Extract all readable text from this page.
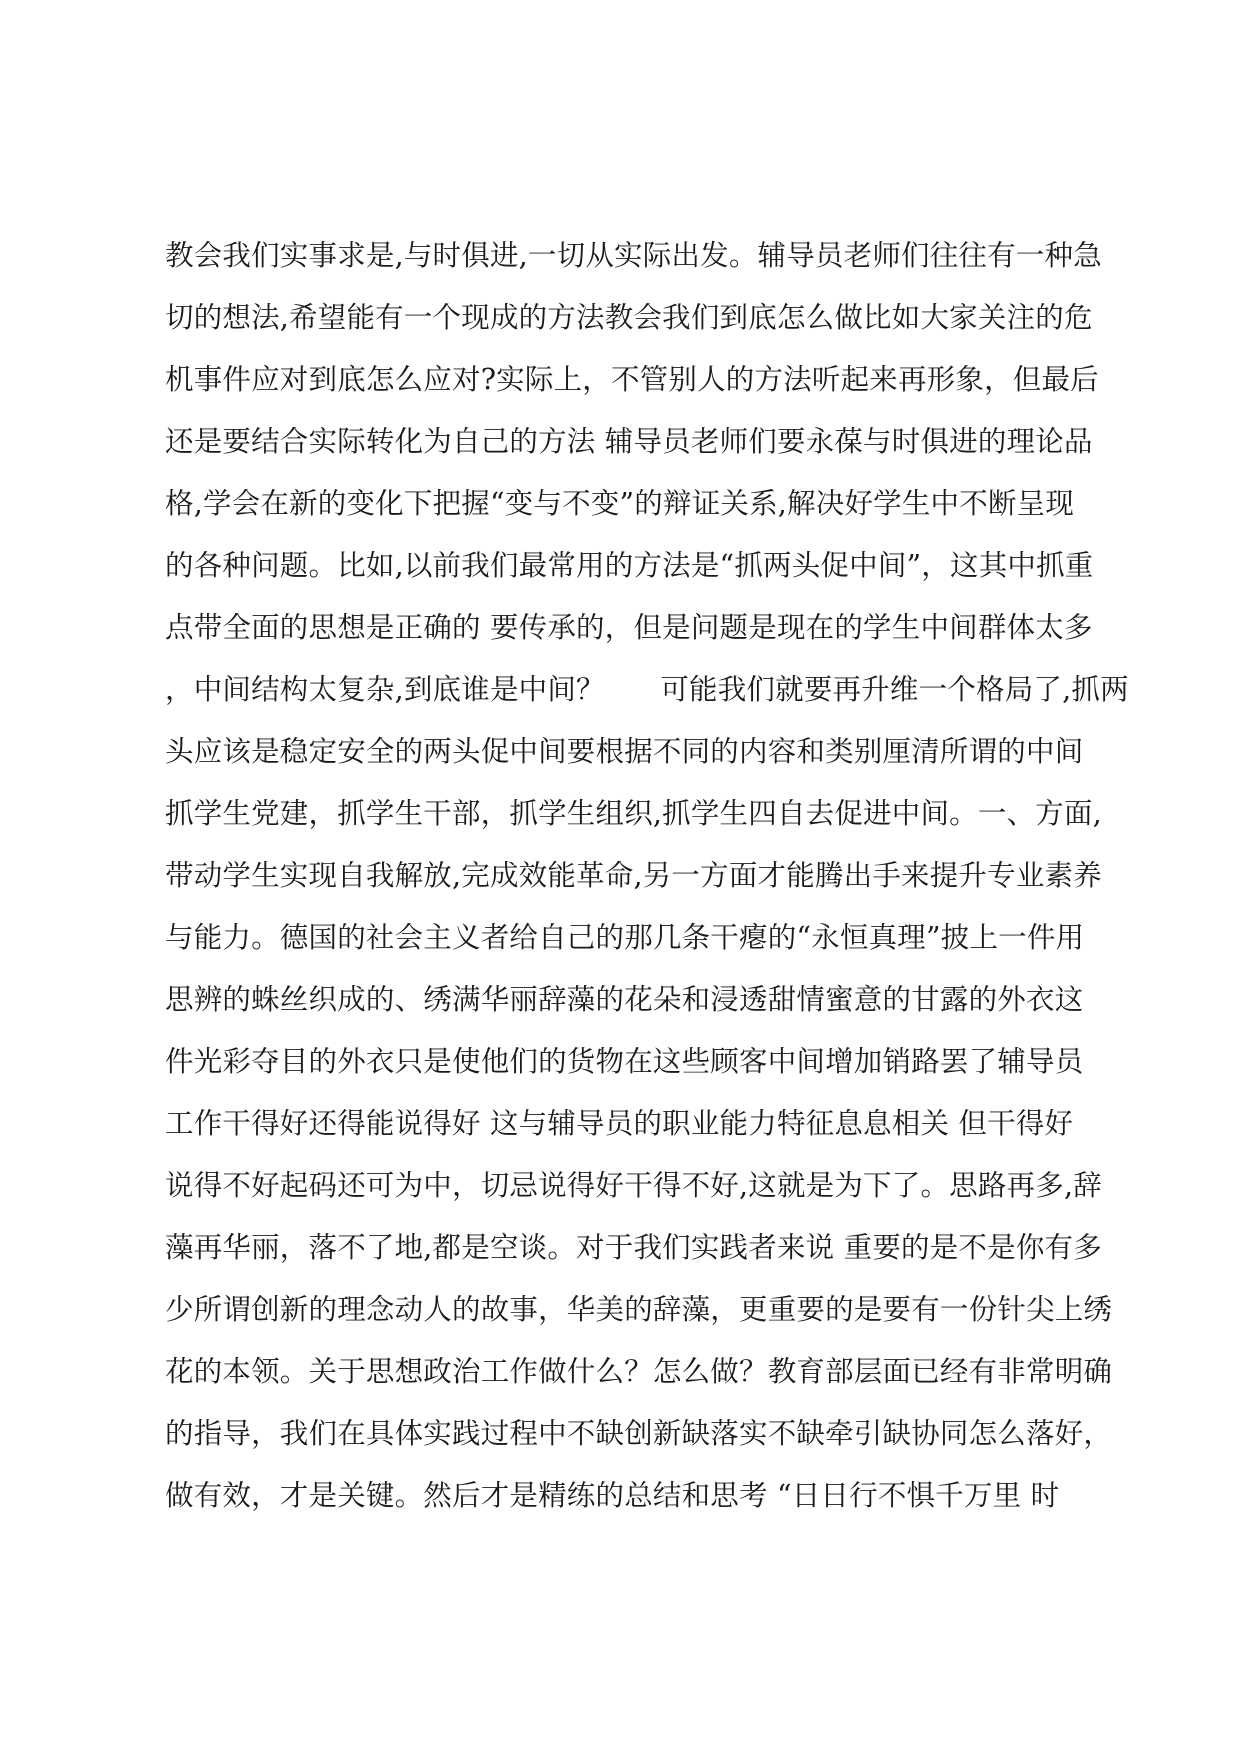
教会我们实事求是,与时俱进,一切从实际出发。辅导员老师们往往有一种急
切的想法,希望能有一个现成的方法教会我们到底怎么做比如大家关注的危
机事件应对到底怎么应对?实际上，不管别人的方法听起来再形象，但最后
还是要结合实际转化为自己的方法 辅导员老师们要永葆与时俱进的理论品
格,学会在新的变化下把握“变与不变”的辩证关系,解决好学生中不断呈现
的各种问题。比如,以前我们最常用的方法是“抓两头促中间”，这其中抓重
点带全面的思想是正确的 要传承的，但是问题是现在的学生中间群体太多
，中间结构太复杂,到底谁是中间？      可能我们就要再升维一个格局了,抓两
头应该是稳定安全的两头促中间要根据不同的内容和类别厘清所谓的中间
抓学生党建，抓学生干部，抓学生组织,抓学生四自去促进中间。一、方面,
带动学生实现自我解放,完成效能革命,另一方面才能腾出手来提升专业素养
与能力。德国的社会主义者给自己的那几条干瘪的“永恒真理”披上一件用
思辨的蛛丝织成的、绣满华丽辞藻的花朵和浸透甜情蜜意的甘露的外衣这
件光彩夺目的外衣只是使他们的货物在这些顾客中间增加销路罢了辅导员
工作干得好还得能说得好 这与辅导员的职业能力特征息息相关 但干得好
说得不好起码还可为中，切忌说得好干得不好,这就是为下了。思路再多,辞
藻再华丽，落不了地,都是空谈。对于我们实践者来说 重要的是不是你有多
少所谓创新的理念动人的故事，华美的辞藻，更重要的是要有一份针尖上绣
花的本领。关于思想政治工作做什么？怎么做？教育部层面已经有非常明确
的指导，我们在具体实践过程中不缺创新缺落实不缺牵引缺协同怎么落好，
做有效，才是关键。然后才是精练的总结和思考 “日日行不惧千万里 时
